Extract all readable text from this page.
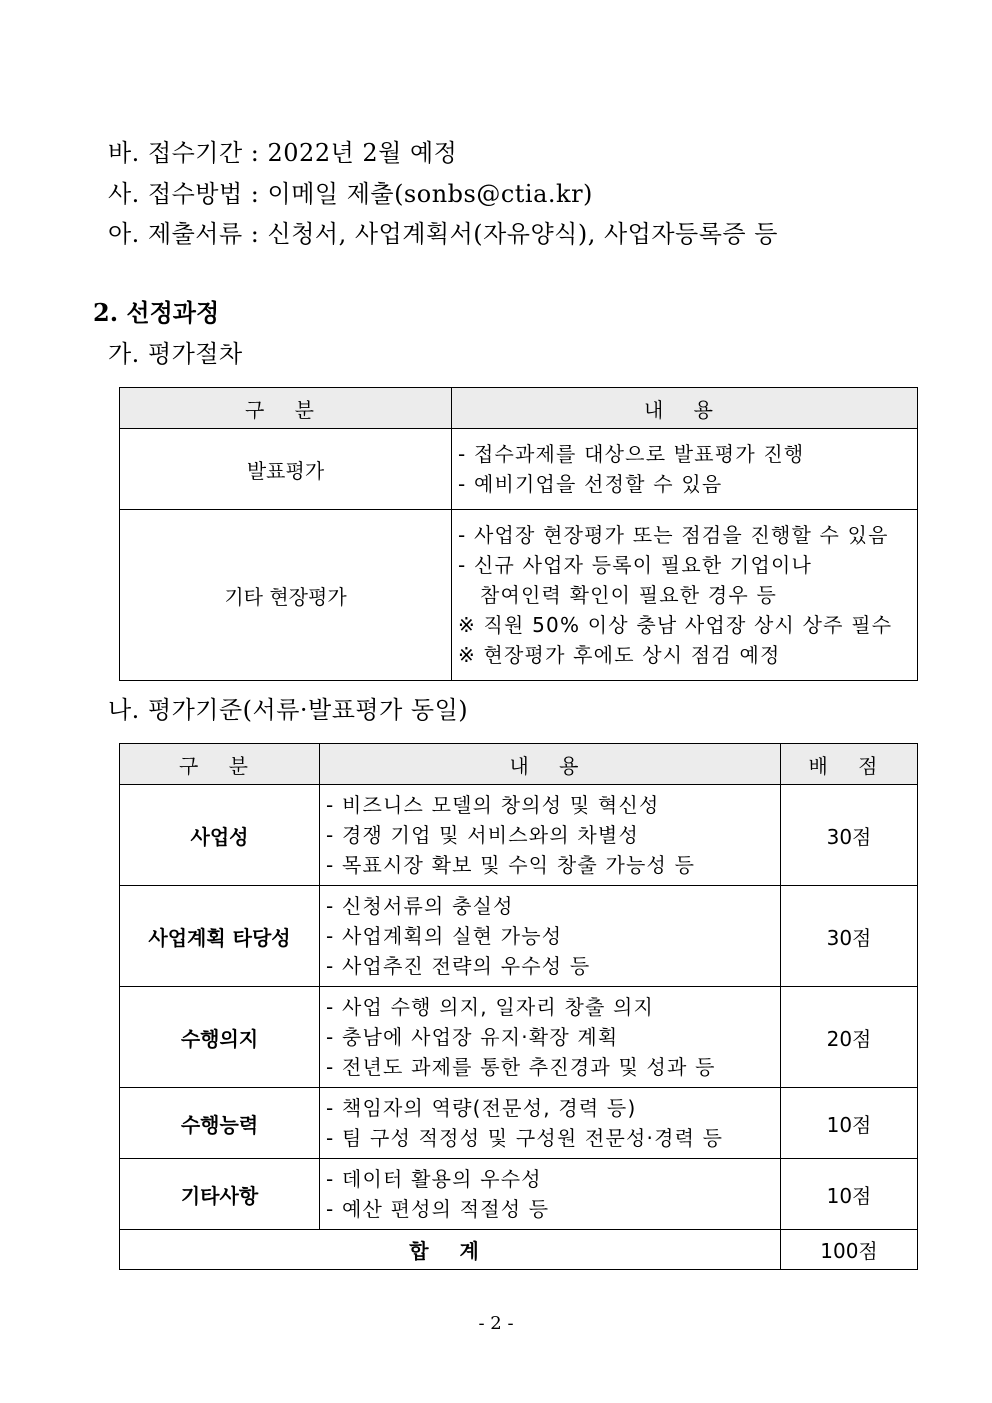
바. 접수기간 : 2022년 2월 예정
사. 접수방법 : 이메일 제출(sonbs@ctia.kr)
아. 제출서류 : 신청서, 사업계획서(자유양식), 사업자등록증 등
2. 선정과정
가. 평가절차
구 분	내 용
발표평가	- 접수과제를 대상으로 발표평가 진행
- 예비기업을 선정할 수 있음

기타 현장평가	- 사업장 현장평가 또는 점검을 진행할 수 있음
- 신규 사업자 등록이 필요한 기업이나
참여인력 확인이 필요한 경우 등
※ 직원 50% 이상 충남 사업장 상시 상주 필수
※ 현장평가 후에도 상시 점검 예정
나. 평가기준(서류·발표평가 동일)
구 분	내 용	배 점
사업성	- 비즈니스 모델의 창의성 및 혁신성
- 경쟁 기업 및 서비스와의 차별성
- 목표시장 확보 및 수익 창출 가능성 등	30점
사업계획 타당성	- 신청서류의 충실성
- 사업계획의 실현 가능성
- 사업추진 전략의 우수성 등	30점
수행의지	- 사업 수행 의지, 일자리 창출 의지
- 충남에 사업장 유지·확장 계획
- 전년도 과제를 통한 추진경과 및 성과 등	20점
수행능력	- 책임자의 역량(전문성, 경력 등)
- 팀 구성 적정성 및 구성원 전문성·경력 등	10점
기타사항	- 데이터 활용의 우수성
- 예산 편성의 적절성 등	10점
합 계		100점
- 2 -
